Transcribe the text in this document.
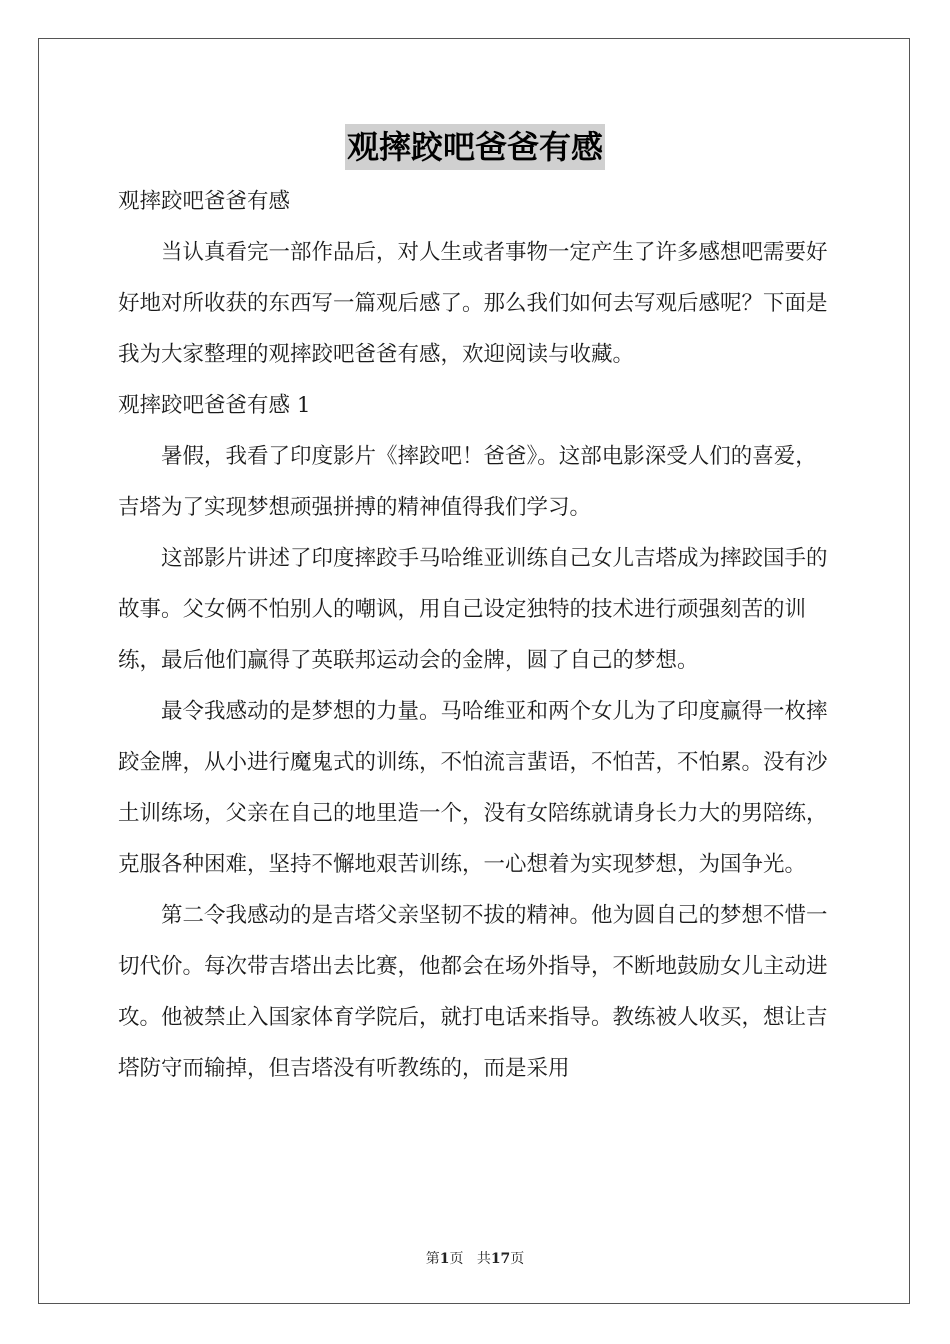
观摔跤吧爸爸有感

观摔跤吧爸爸有感

当认真看完一部作品后，对人生或者事物一定产生了许多感想吧需要好好地对所收获的东西写一篇观后感了。那么我们如何去写观后感呢？下面是我为大家整理的观摔跤吧爸爸有感，欢迎阅读与收藏。

观摔跤吧爸爸有感 1

暑假，我看了印度影片《摔跤吧！爸爸》。这部电影深受人们的喜爱，吉塔为了实现梦想顽强拼搏的精神值得我们学习。

这部影片讲述了印度摔跤手马哈维亚训练自己女儿吉塔成为摔跤国手的故事。父女俩不怕别人的嘲讽，用自己设定独特的技术进行顽强刻苦的训练，最后他们赢得了英联邦运动会的金牌，圆了自己的梦想。

最令我感动的是梦想的力量。马哈维亚和两个女儿为了印度赢得一枚摔跤金牌，从小进行魔鬼式的训练，不怕流言蜚语，不怕苦，不怕累。没有沙土训练场，父亲在自己的地里造一个，没有女陪练就请身长力大的男陪练，克服各种困难，坚持不懈地艰苦训练，一心想着为实现梦想，为国争光。

第二令我感动的是吉塔父亲坚韧不拔的精神。他为圆自己的梦想不惜一切代价。每次带吉塔出去比赛，他都会在场外指导，不断地鼓励女儿主动进攻。他被禁止入国家体育学院后，就打电话来指导。教练被人收买，想让吉塔防守而输掉，但吉塔没有听教练的，而是采用

第1页 共17页
